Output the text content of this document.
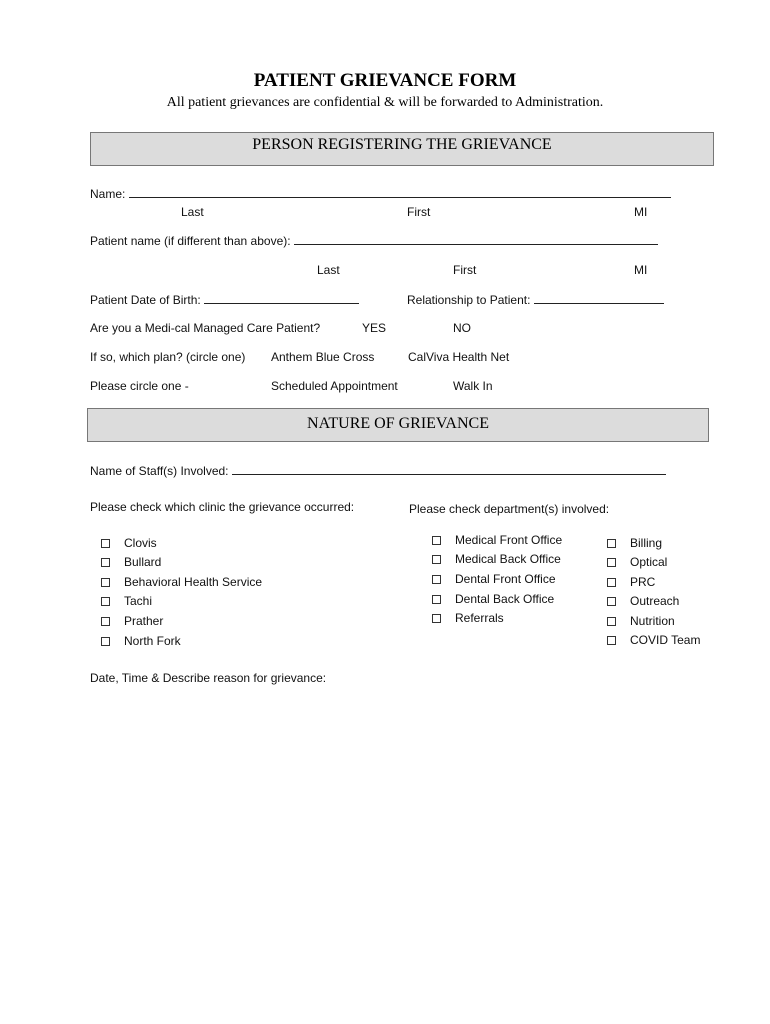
PATIENT GRIEVANCE FORM
All patient grievances are confidential & will be forwarded to Administration.
PERSON REGISTERING THE GRIEVANCE
Name:
Last	First	MI
Patient name (if different than above):
Last	First	MI
Patient Date of Birth:	Relationship to Patient:
Are you a Medi-cal Managed Care Patient?	YES	NO
If so, which plan? (circle one) Anthem Blue Cross	CalViva Health Net
Please circle one -	Scheduled Appointment	Walk In
NATURE OF GRIEVANCE
Name of Staff(s) Involved:
Please check which clinic the grievance occurred:	Please check department(s) involved:
Clovis
Bullard
Behavioral Health Service
Tachi
Prather
North Fork
Medical Front Office
Medical Back Office
Dental Front Office
Dental Back Office
Referrals
Billing
Optical
PRC
Outreach
Nutrition
COVID Team
Date, Time & Describe reason for grievance:
